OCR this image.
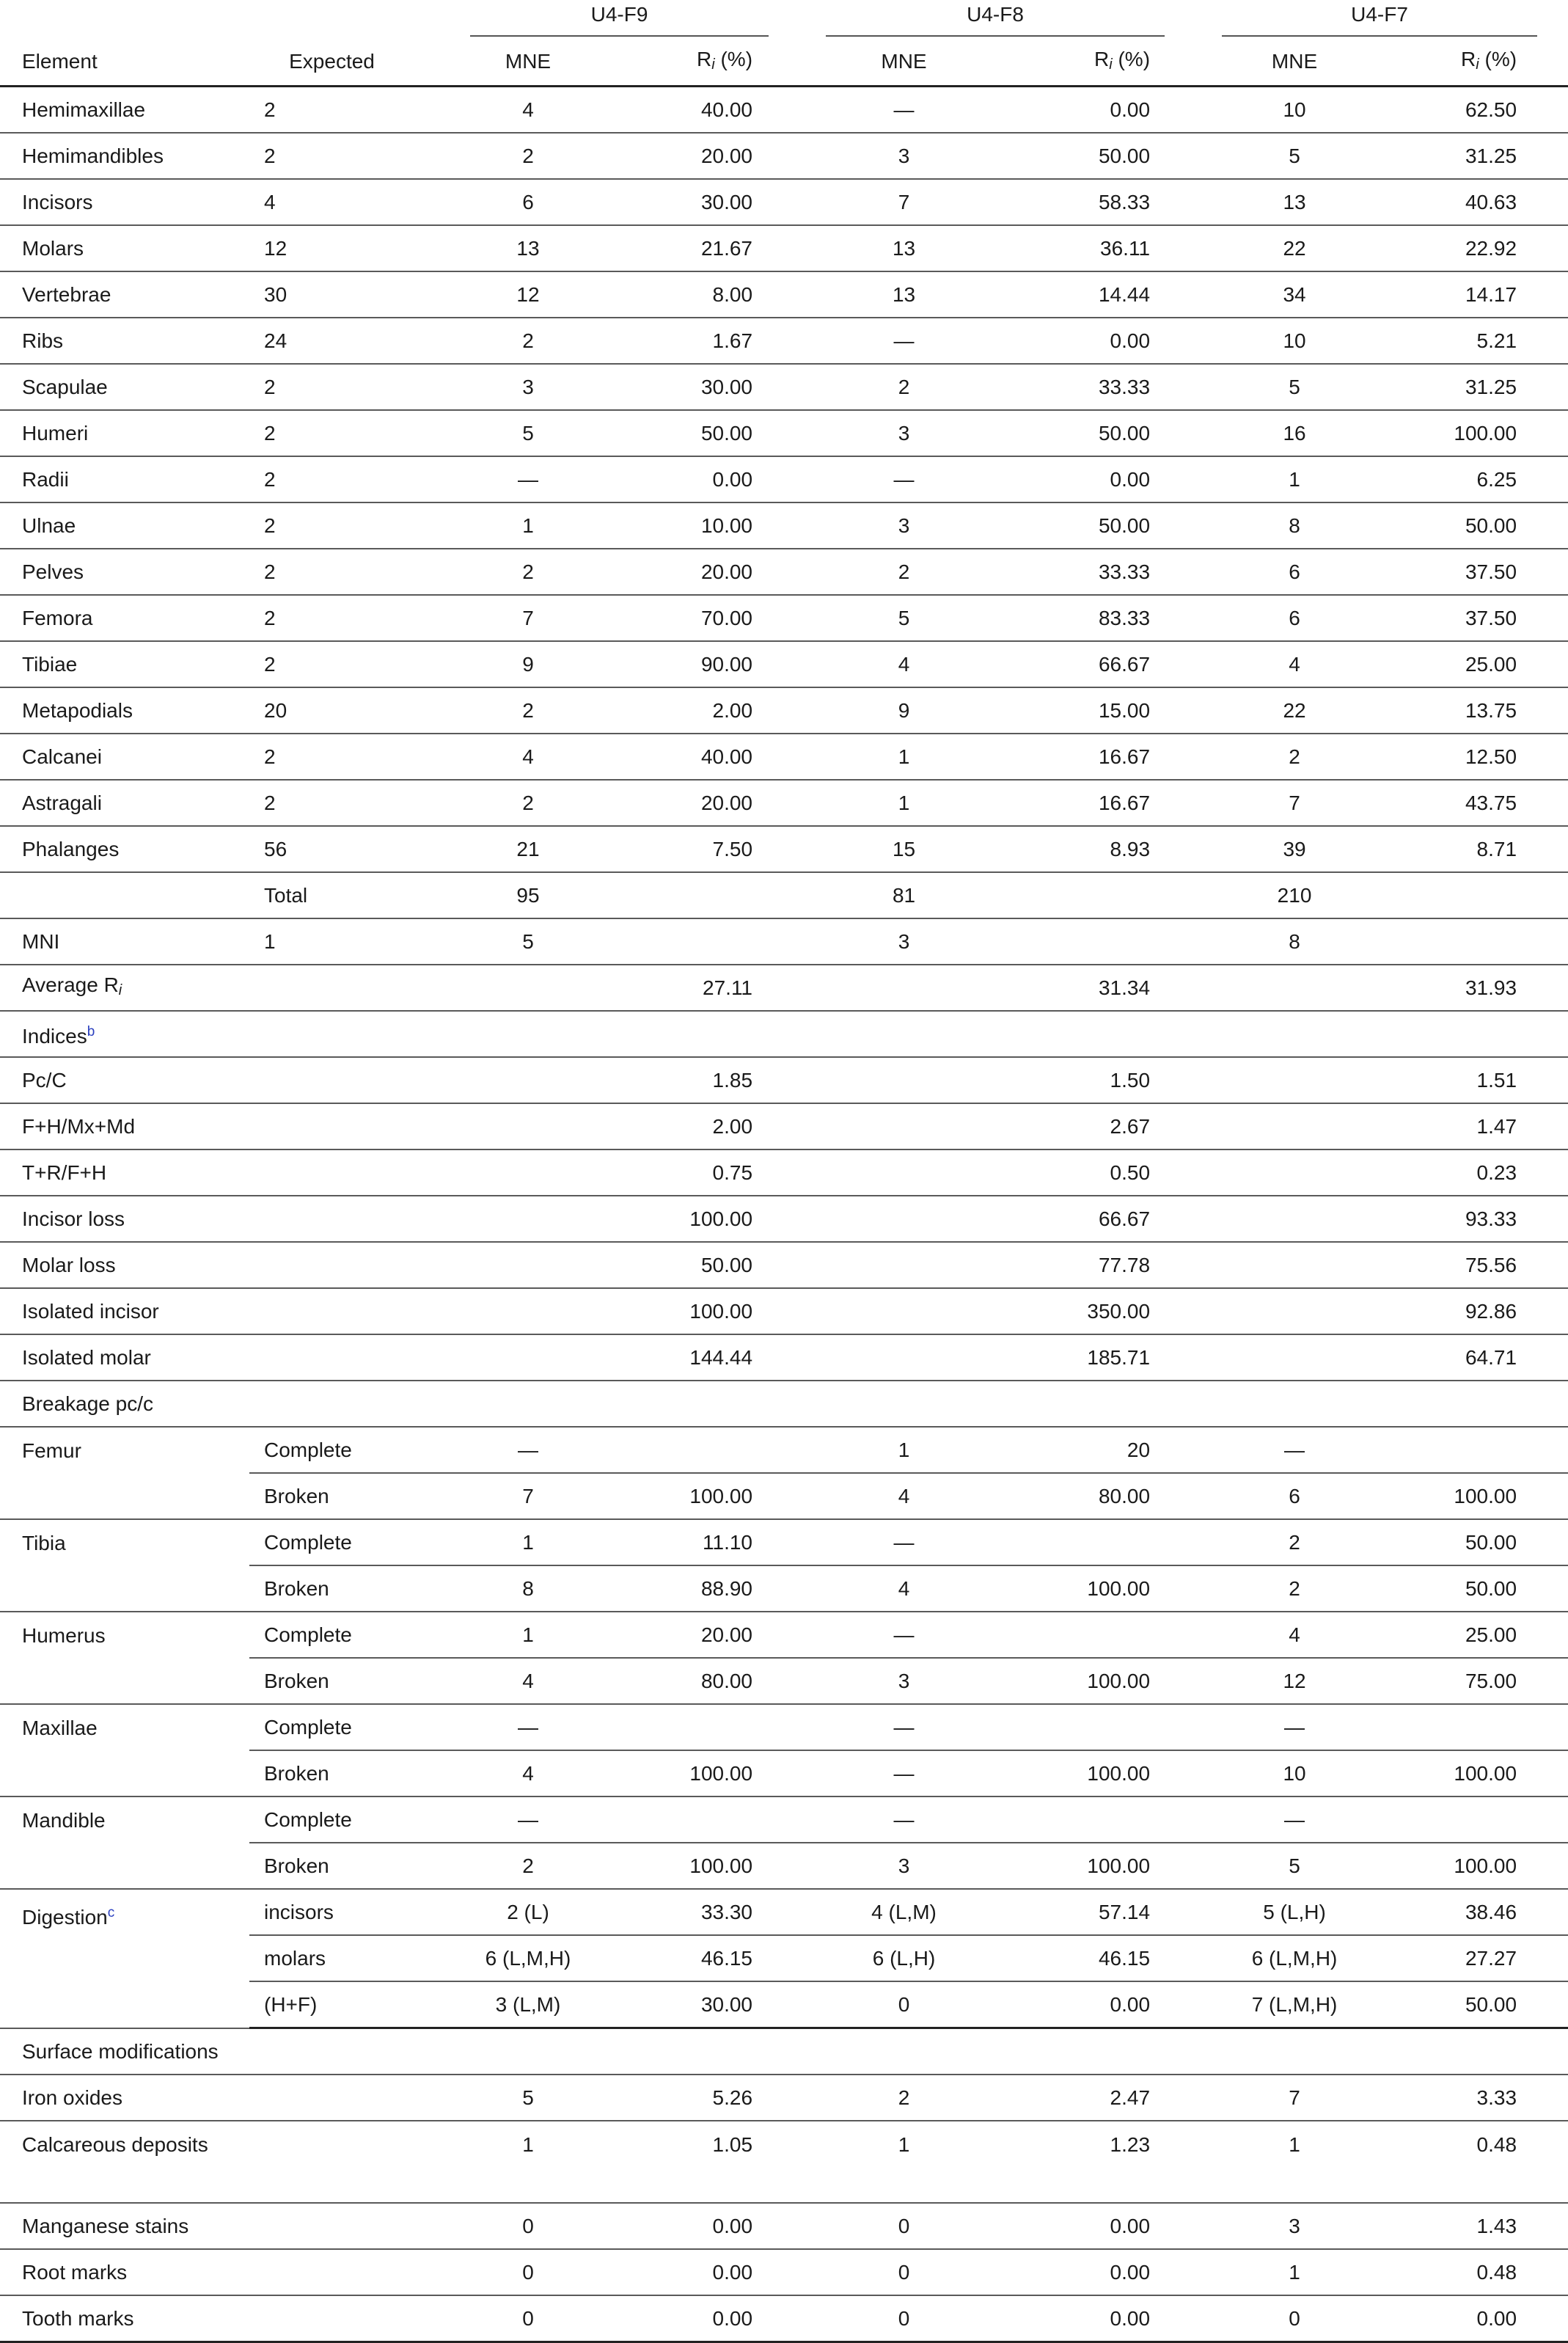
		U4-F9		U4-F8		U4-F7	

Element	Expected	MNE	$R_i$ (%)	MNE	$R_i$ (%)	MNE	$R_i$ (%)
Hemimaxillae	2	4	40.00	—	0.00	10	62.50
Hemimandibles	2	2	20.00	3	50.00	5	31.25
Incisors	4	6	30.00	7	58.33	13	40.63
Molars	12	13	21.67	13	36.11	22	22.92
Vertebrae	30	12	8.00	13	14.44	34	14.17
Ribs	24	2	1.67	—	0.00	10	5.21
Scapulae	2	3	30.00	2	33.33	5	31.25
Humeri	2	5	50.00	3	50.00	16	100.00
Radii	2	—	0.00	—	0.00	1	6.25
Ulnae	2	1	10.00	3	50.00	8	50.00
Pelves	2	2	20.00	2	33.33	6	37.50
Femora	2	7	70.00	5	83.33	6	37.50
Tibiae	2	9	90.00	4	66.67	4	25.00
Metapodials	20	2	2.00	9	15.00	22	13.75
Calcanei	2	4	40.00	1	16.67	2	12.50
Astragali	2	2	20.00	1	16.67	7	43.75
Phalanges	56	21	7.50	15	8.93	39	8.71
	Total	95		81		210	
MNI	1	5		3		8	
Average $R_i$			27.11		31.34		31.93
Indices$^b$
Pc/C			1.85		1.50		1.51
F+H/Mx+Md			2.00		2.67		1.47
T+R/F+H			0.75		0.50		0.23
Incisor loss			100.00		66.67		93.33
Molar loss			50.00		77.78		75.56
Isolated incisor			100.00		350.00		92.86
Isolated molar			144.44		185.71		64.71
Breakage pc/c							
Femur	Complete	—		1	20	—	
	Broken	7	100.00	4	80.00	6	100.00
Tibia	Complete	1	11.10	—		2	50.00
	Broken	8	88.90	4	100.00	2	50.00
Humerus	Complete	1	20.00	—		4	25.00
	Broken	4	80.00	3	100.00	12	75.00
Maxillae	Complete	—		—		—	
	Broken	4	100.00	—	100.00	10	100.00
Mandible	Complete	—		—		—	
	Broken	2	100.00	3	100.00	5	100.00
Digestion$^c$	incisors	2 (L)	33.30	4 (L,M)	57.14	5 (L,H)	38.46
	molars	6 (L,M,H)	46.15	6 (L,H)	46.15	6 (L,M,H)	27.27
	(H+F)	3 (L,M)	30.00	0	0.00	7 (L,M,H)	50.00
Surface modifications							
Iron oxides		5	5.26	2	2.47	7	3.33
Calcareous deposits		1	1.05	1	1.23	1	0.48
Manganese stains		0	0.00	0	0.00	3	1.43
Root marks		0	0.00	0	0.00	1	0.48
Tooth marks		0	0.00	0	0.00	0	0.00
